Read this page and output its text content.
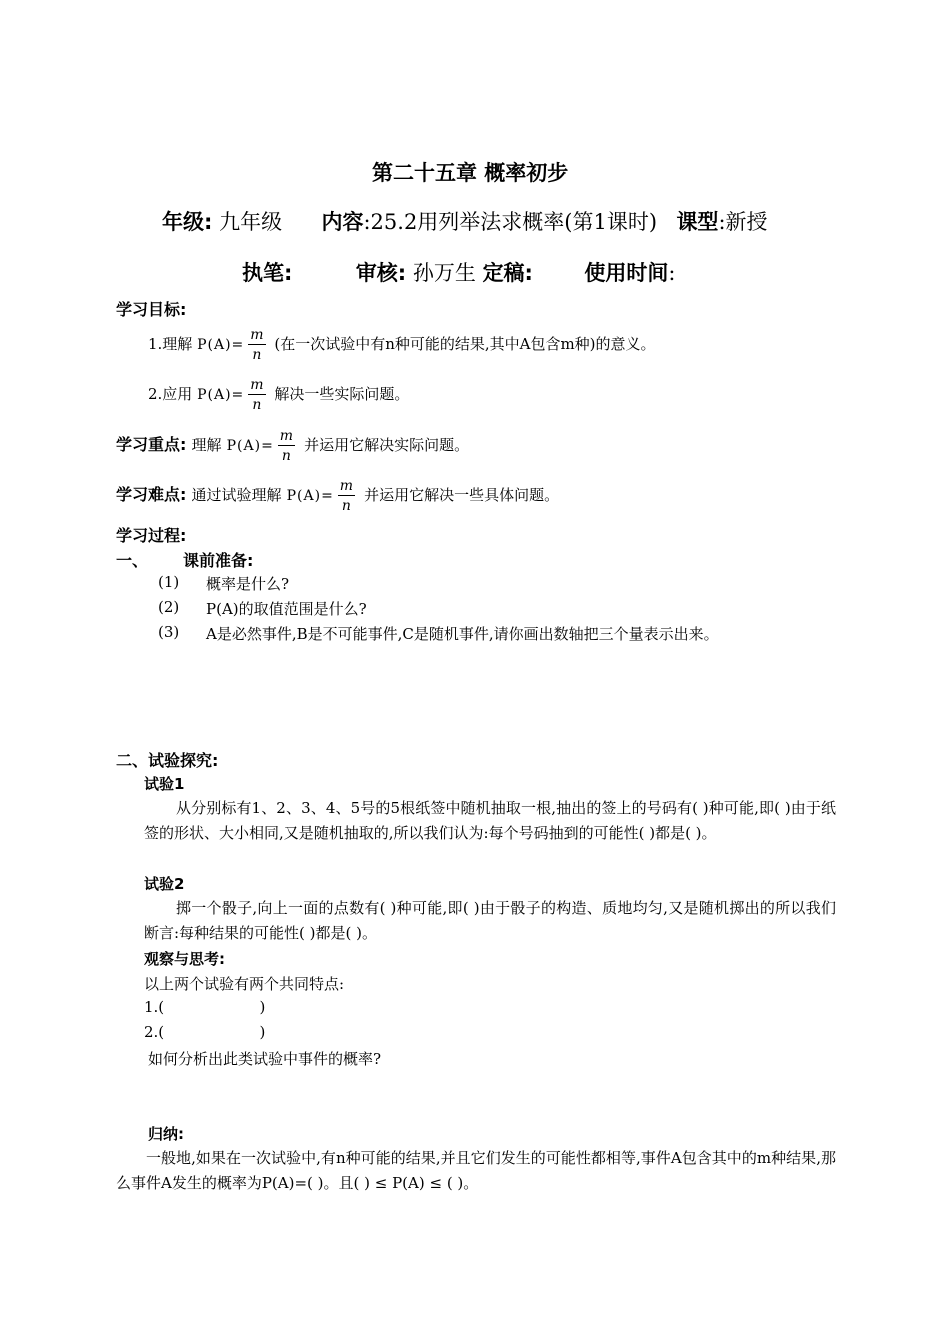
第二十五章 概率初步
年级: 九年级 内容:25.2用列举法求概率(第1课时) 课型:新授
执笔:	审核: 孙万生 定稿: 使用时间:
学习目标:
1.理解 $P(A)= \frac{m}{n}$ (在一次试验中有n种可能的结果,其中A包含m种)的意义。
2.应用 $P(A)= \frac{m}{n}$ 解决一些实际问题。
学习重点: 理解 $P(A)= \frac{m}{n}$ 并运用它解决实际问题。
学习难点: 通过试验理解 $P(A)= \frac{m}{n}$ 并运用它解决一些具体问题。
学习过程:
一、 课前准备:
(1) 概率是什么?
(2) P(A)的取值范围是什么?
(3) A是必然事件,B是不可能事件,C是随机事件,请你画出数轴把三个量表示出来。
二、试验探究:
试验1
从分别标有1、2、3、4、5号的5根纸签中随机抽取一根,抽出的签上的号码有( )种可能,即( )由于纸签的形状、大小相同,又是随机抽取的,所以我们认为:每个号码抽到的可能性( )都是( )。
试验2
掷一个骰子,向上一面的点数有( )种可能,即( )由于骰子的构造、质地均匀,又是随机掷出的所以我们断言:每种结果的可能性( )都是( )。
观察与思考:
以上两个试验有两个共同特点:
1.(                    )
2.(                    )
如何分析出此类试验中事件的概率?
归纳:
一般地,如果在一次试验中,有n种可能的结果,并且它们发生的可能性都相等,事件A包含其中的m种结果,那么事件A发生的概率为P(A)=( )。且( ) ≤ P(A) ≤ ( )。
